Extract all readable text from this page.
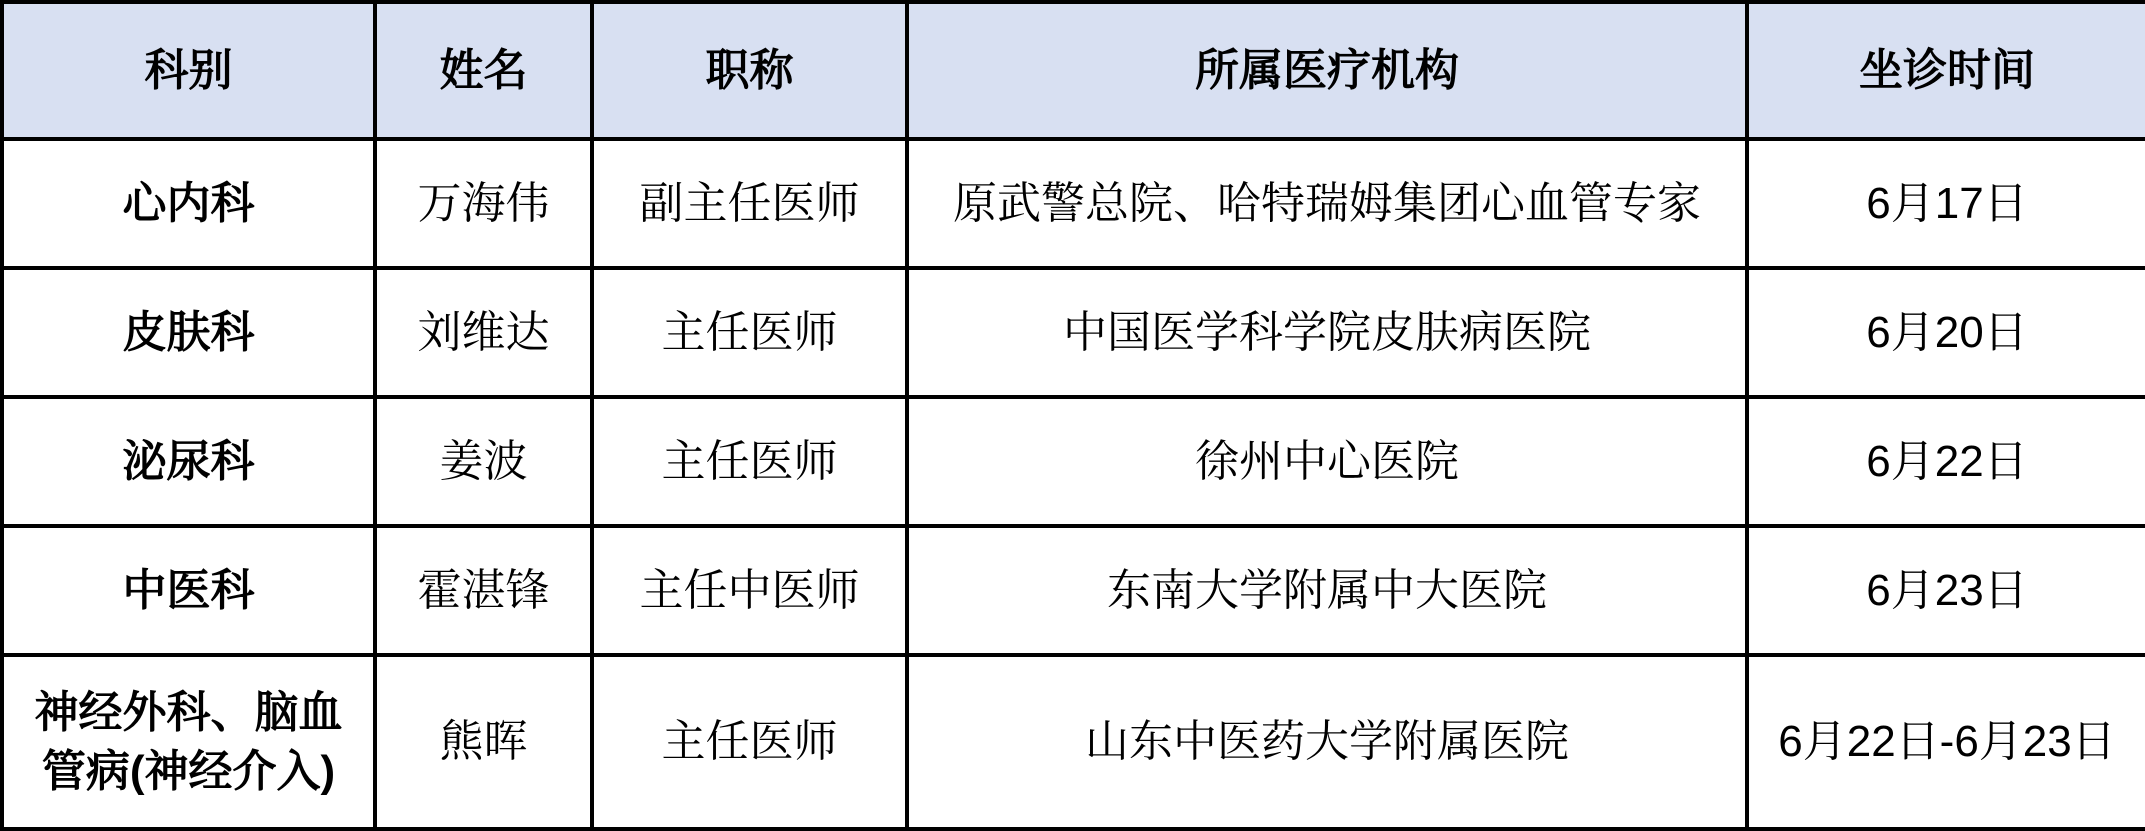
科别	姓名	职称	所属医疗机构	坐诊时间
心内科	万海伟	副主任医师	原武警总院、哈特瑞姆集团心血管专家	6月17日
皮肤科	刘维达	主任医师	中国医学科学院皮肤病医院	6月20日
泌尿科	姜波	主任医师	徐州中心医院	6月22日
中医科	霍湛锋	主任中医师	东南大学附属中大医院	6月23日
神经外科、脑血管病(神经介入)	熊晖	主任医师	山东中医药大学附属医院	6月22日-6月23日
